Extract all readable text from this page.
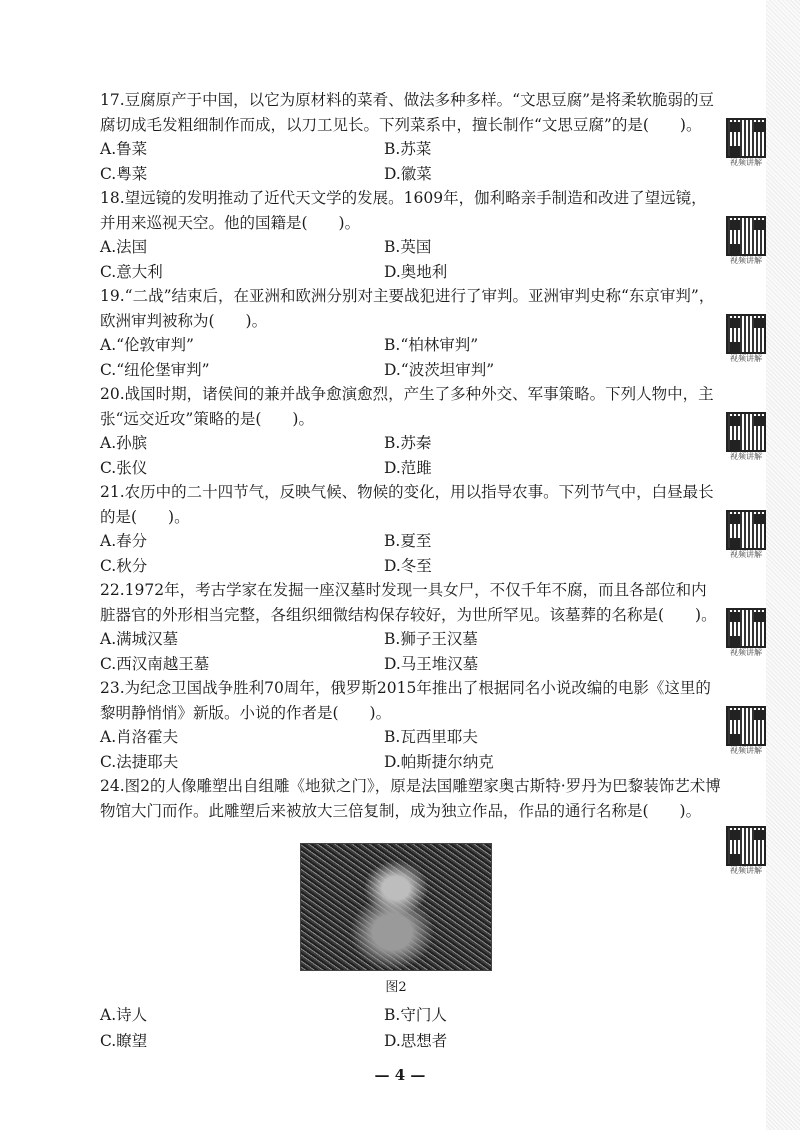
17.豆腐原产于中国，以它为原材料的菜肴、做法多种多样。“文思豆腐”是将柔软脆弱的豆腐切成毛发粗细制作而成，以刀工见长。下列菜系中，擅长制作“文思豆腐”的是(　　)。

A.鲁菜	B.苏菜
C.粤菜	D.徽菜
视频讲解

18.望远镜的发明推动了近代天文学的发展。1609年，伽利略亲手制造和改进了望远镜，并用来巡视天空。他的国籍是(　　)。

A.法国	B.英国
C.意大利	D.奥地利
视频讲解

19.“二战”结束后，在亚洲和欧洲分别对主要战犯进行了审判。亚洲审判史称“东京审判”，欧洲审判被称为(　　)。

A.“伦敦审判”	B.“柏林审判”
C.“纽伦堡审判”	D.“波茨坦审判”
视频讲解

20.战国时期，诸侯间的兼并战争愈演愈烈，产生了多种外交、军事策略。下列人物中，主张“远交近攻”策略的是(　　)。

A.孙膑	B.苏秦
C.张仪	D.范雎
视频讲解

21.农历中的二十四节气，反映气候、物候的变化，用以指导农事。下列节气中，白昼最长的是(　　)。

A.春分	B.夏至
C.秋分	D.冬至
视频讲解

22.1972年，考古学家在发掘一座汉墓时发现一具女尸，不仅千年不腐，而且各部位和内脏器官的外形相当完整，各组织细微结构保存较好，为世所罕见。该墓葬的名称是(　　)。

A.满城汉墓	B.狮子王汉墓
C.西汉南越王墓	D.马王堆汉墓
视频讲解

23.为纪念卫国战争胜利70周年，俄罗斯2015年推出了根据同名小说改编的电影《这里的黎明静悄悄》新版。小说的作者是(　　)。

A.肖洛霍夫	B.瓦西里耶夫
C.法捷耶夫	D.帕斯捷尔纳克
视频讲解

24.图2的人像雕塑出自组雕《地狱之门》，原是法国雕塑家奥古斯特·罗丹为巴黎装饰艺术博物馆大门而作。此雕塑后来被放大三倍复制，成为独立作品，作品的通行名称是(　　)。

视频讲解
图2
A.诗人	B.守门人
C.瞭望	D.思想者
— 4 —
